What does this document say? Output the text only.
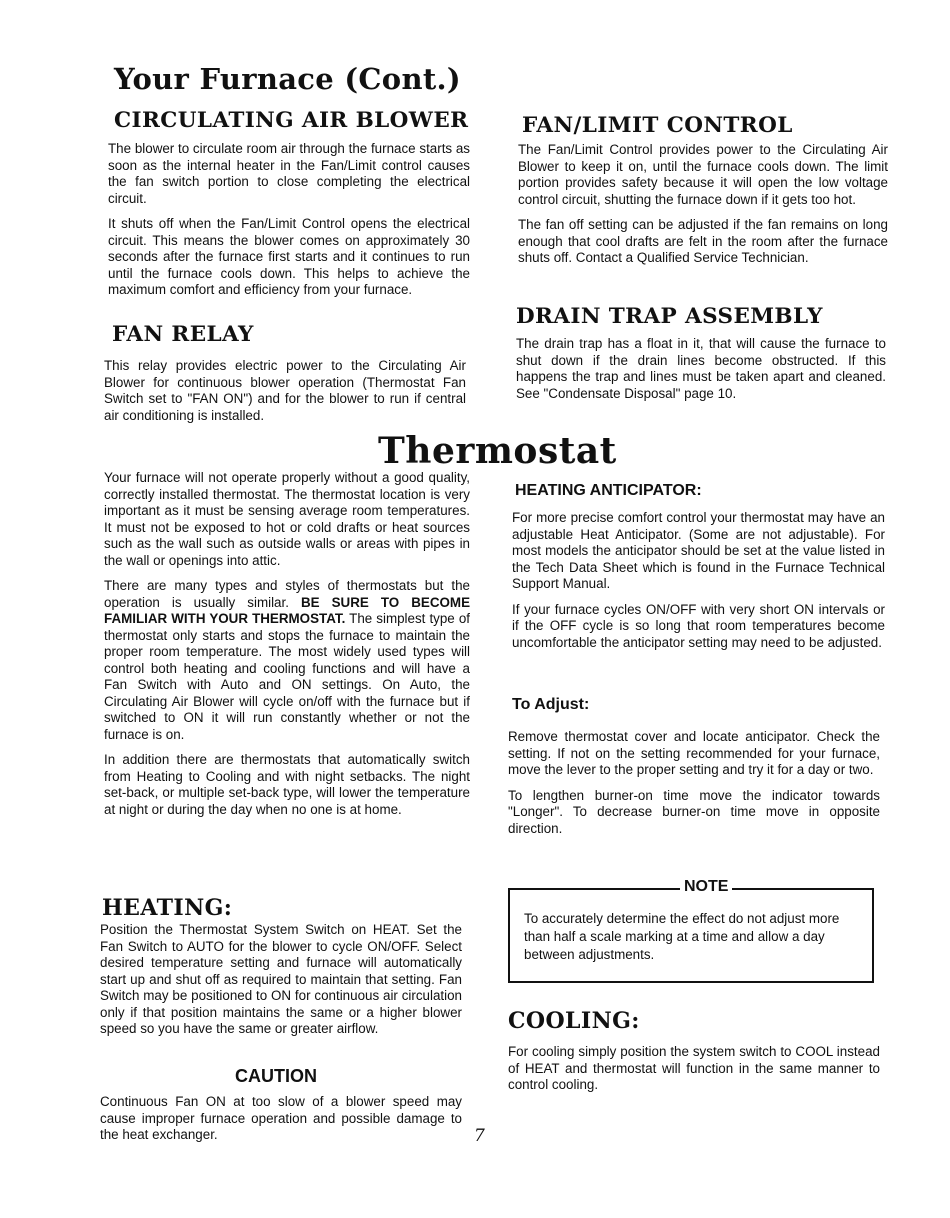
Your Furnace (Cont.)
CIRCULATING AIR BLOWER

The blower to circulate room air through the furnace starts as soon as the internal heater in the Fan/Limit control causes the fan switch portion to close completing the electrical circuit.

It shuts off when the Fan/Limit Control opens the electrical circuit. This means the blower comes on approximately 30 seconds after the furnace first starts and it continues to run until the furnace cools down. This helps to achieve the maximum comfort and efficiency from your furnace.

FAN RELAY

This relay provides electric power to the Circulating Air Blower for continuous blower operation (Thermostat Fan Switch set to "FAN ON") and for the blower to run if central air conditioning is installed.

FAN/LIMIT CONTROL

The Fan/Limit Control provides power to the Circulating Air Blower to keep it on, until the furnace cools down. The limit portion provides safety because it will open the low voltage control circuit, shutting the furnace down if it gets too hot.

The fan off setting can be adjusted if the fan remains on long enough that cool drafts are felt in the room after the furnace shuts off. Contact a Qualified Service Technician.

DRAIN TRAP ASSEMBLY

The drain trap has a float in it, that will cause the furnace to shut down if the drain lines become obstructed. If this happens the trap and lines must be taken apart and cleaned. See "Condensate Disposal" page 10.

Thermostat

Your furnace will not operate properly without a good quality, correctly installed thermostat. The thermostat location is very important as it must be sensing average room temperatures. It must not be exposed to hot or cold drafts or heat sources such as the wall such as outside walls or areas with pipes in the wall or openings into attic.

There are many types and styles of thermostats but the operation is usually similar. BE SURE TO BECOME FAMILIAR WITH YOUR THERMOSTAT. The simplest type of thermostat only starts and stops the furnace to maintain the proper room temperature. The most widely used types will control both heating and cooling functions and will have a Fan Switch with Auto and ON settings. On Auto, the Circulating Air Blower will cycle on/off with the furnace but if switched to ON it will run constantly whether or not the furnace is on.

In addition there are thermostats that automatically switch from Heating to Cooling and with night setbacks. The night set-back, or multiple set-back type, will lower the temperature at night or during the day when no one is at home.

HEATING:

Position the Thermostat System Switch on HEAT. Set the Fan Switch to AUTO for the blower to cycle ON/OFF. Select desired temperature setting and furnace will automatically start up and shut off as required to maintain that setting. Fan Switch may be positioned to ON for continuous air circulation only if that position maintains the same or a higher blower speed so you have the same or greater airflow.

CAUTION

Continuous Fan ON at too slow of a blower speed may cause improper furnace operation and possible damage to the heat exchanger.

HEATING ANTICIPATOR:

For more precise comfort control your thermostat may have an adjustable Heat Anticipator. (Some are not adjustable). For most models the anticipator should be set at the value listed in the Tech Data Sheet which is found in the Furnace Technical Support Manual.

If your furnace cycles ON/OFF with very short ON intervals or if the OFF cycle is so long that room temperatures become uncomfortable the anticipator setting may need to be adjusted.

To Adjust:

Remove thermostat cover and locate anticipator. Check the setting. If not on the setting recommended for your furnace, move the lever to the proper setting and try it for a day or two.

To lengthen burner-on time move the indicator towards "Longer". To decrease burner-on time move in opposite direction.

NOTE
To accurately determine the effect do not adjust more than half a scale marking at a time and allow a day between adjustments.
COOLING:

For cooling simply position the system switch to COOL instead of HEAT and thermostat will function in the same manner to control cooling.

7
